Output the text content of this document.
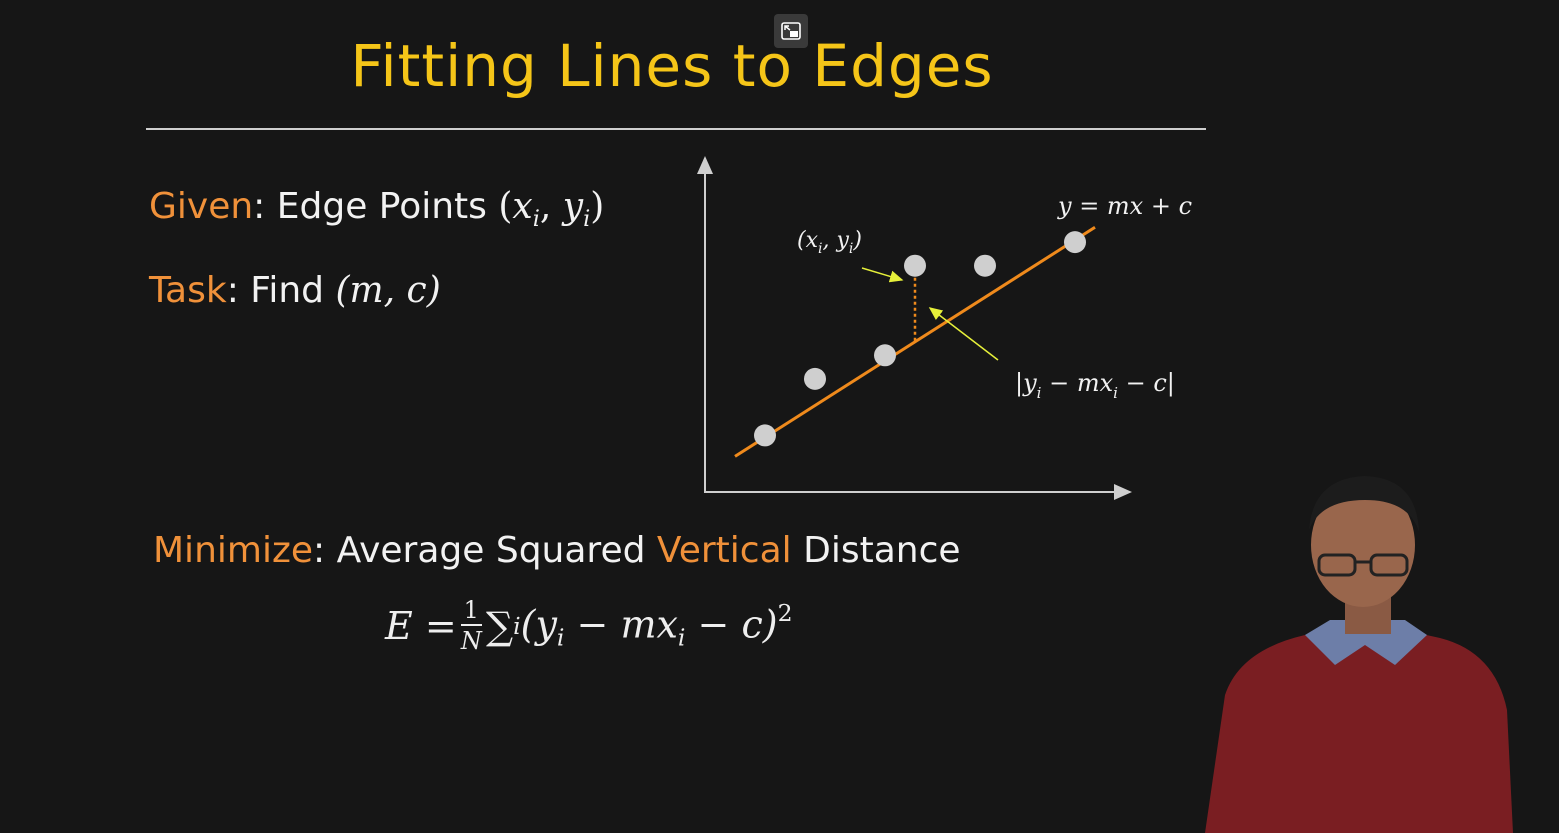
Fitting Lines to Edges
Given: Edge Points ($x_i$, $y_i$)
Task: Find (m, c)
y = mx + c
($x_i$, $y_i$)
$|y_i - mx_i - c|$
Minimize: Average Squared Vertical Distance
$E = \frac{1}{N}$ ∑ i $(y_i - mx_i - c)^2$
